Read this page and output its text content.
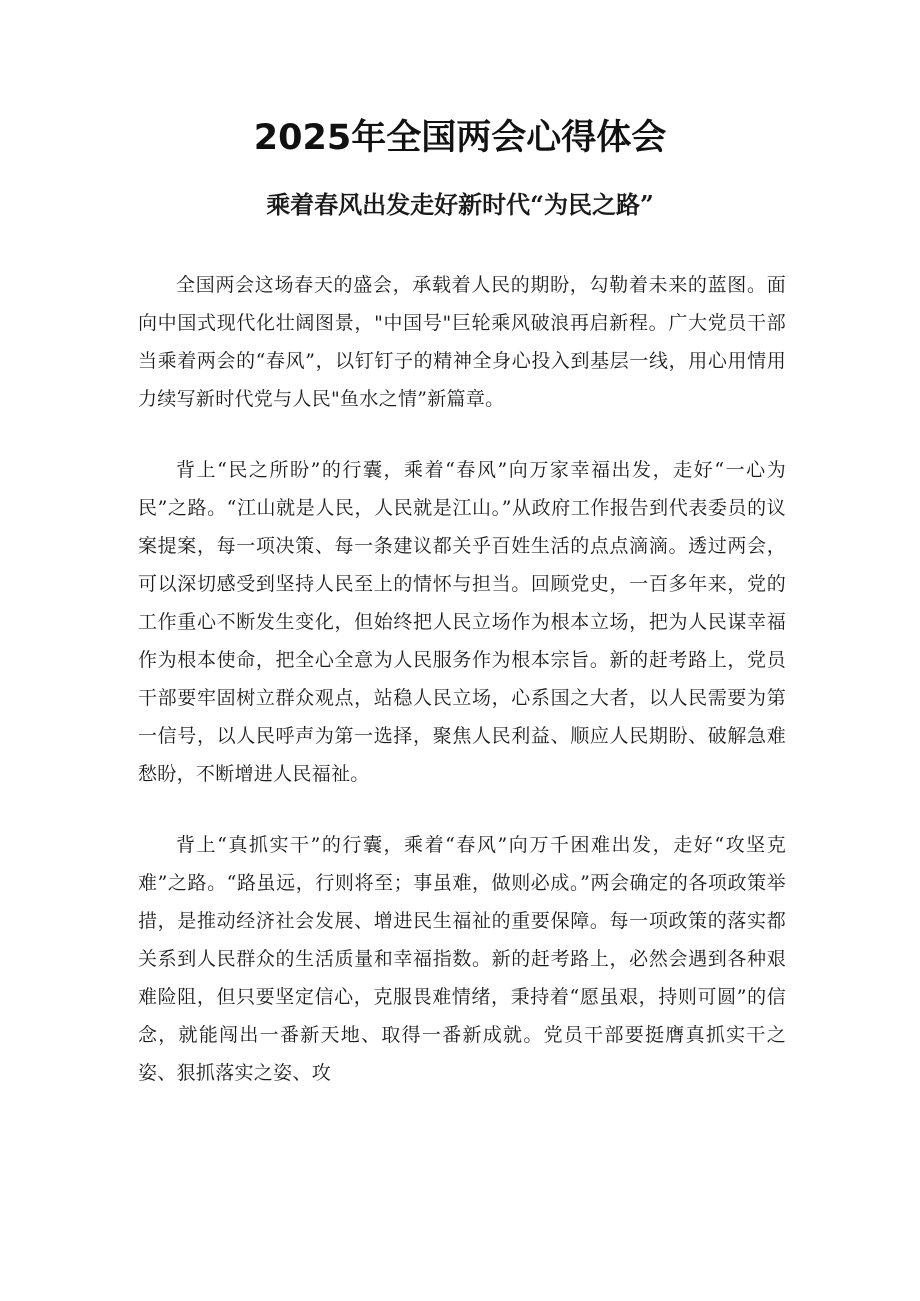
2025年全国两会心得体会
乘着春风出发走好新时代“为民之路”

全国两会这场春天的盛会，承载着人民的期盼，勾勒着未来的蓝图。面向中国式现代化壮阔图景，"中国号"巨轮乘风破浪再启新程。广大党员干部当乘着两会的“春风”，以钉钉子的精神全身心投入到基层一线，用心用情用力续写新时代党与人民"鱼水之情”新篇章。

背上“民之所盼”的行囊，乘着“春风”向万家幸福出发，走好“一心为民”之路。“江山就是人民，人民就是江山。”从政府工作报告到代表委员的议案提案，每一项决策、每一条建议都关乎百姓生活的点点滴滴。透过两会，可以深切感受到坚持人民至上的情怀与担当。回顾党史，一百多年来，党的工作重心不断发生变化，但始终把人民立场作为根本立场，把为人民谋幸福作为根本使命，把全心全意为人民服务作为根本宗旨。新的赶考路上，党员干部要牢固树立群众观点，站稳人民立场，心系国之大者，以人民需要为第一信号，以人民呼声为第一选择，聚焦人民利益、顺应人民期盼、破解急难愁盼，不断增进人民福祉。

背上“真抓实干”的行囊，乘着“春风”向万千困难出发，走好“攻坚克难”之路。“路虽远，行则将至；事虽难，做则必成。”两会确定的各项政策举措，是推动经济社会发展、增进民生福祉的重要保障。每一项政策的落实都关系到人民群众的生活质量和幸福指数。新的赶考路上，必然会遇到各种艰难险阻，但只要坚定信心，克服畏难情绪，秉持着“愿虽艰，持则可圆”的信念，就能闯出一番新天地、取得一番新成就。党员干部要挺膺真抓实干之姿、狠抓落实之姿、攻
